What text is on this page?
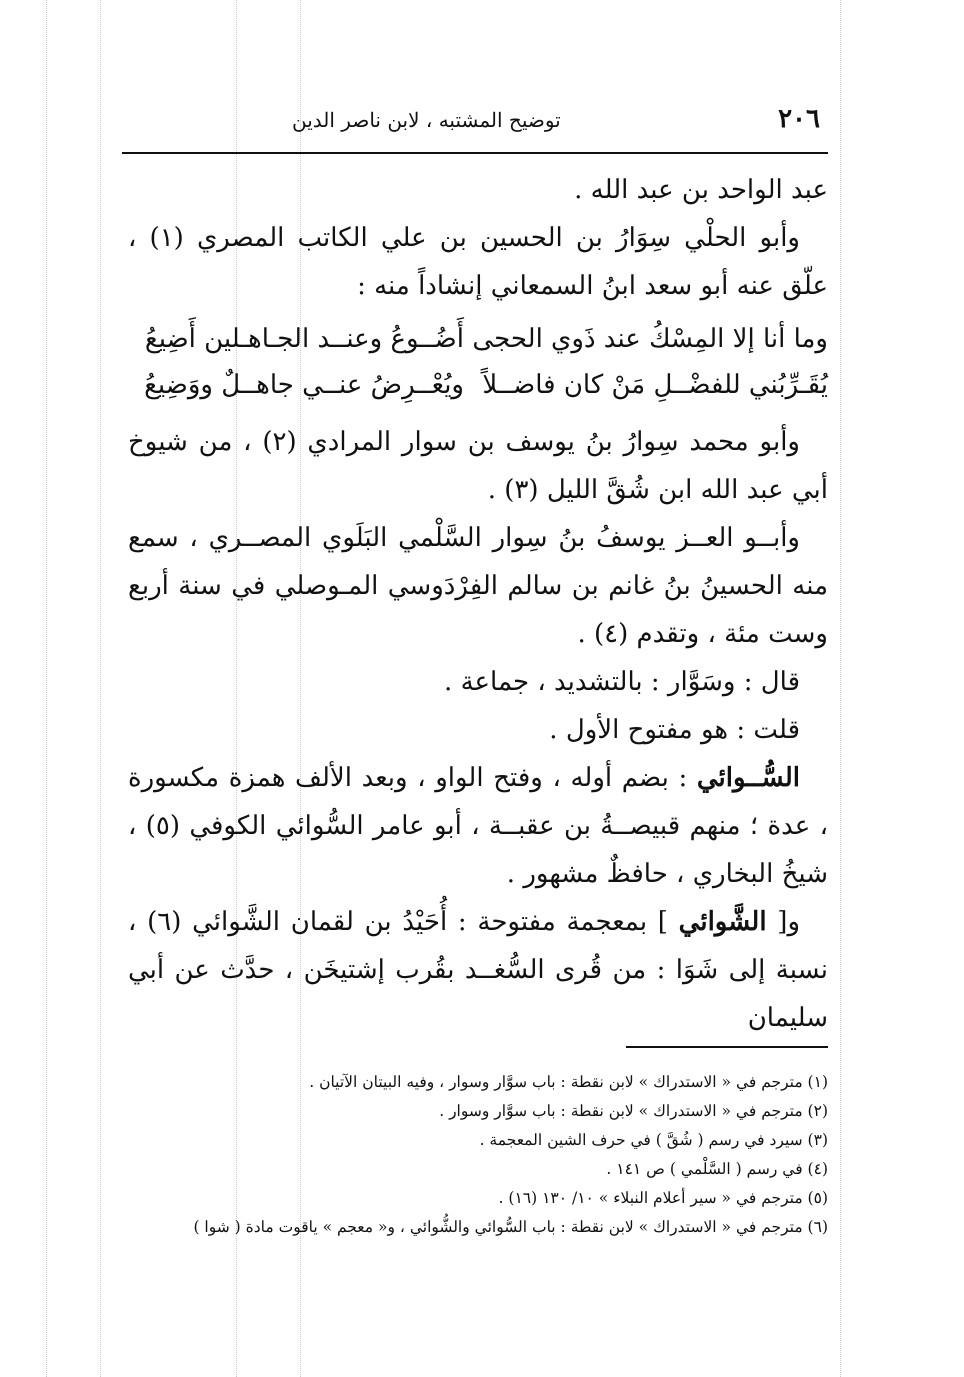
٢٠٦
توضيح المشتبه ، لابن ناصر الدين

عبد الواحد بن عبد الله .

وأبو الحلْي سِوَارُ بن الحسين بن علي الكاتب المصري (١) ، علّق عنه أبو سعد ابنُ السمعاني إنشاداً منه :

وما أنا إلا المِسْكُ عند ذَوي الحجى
أَضُــوعُ وعنــد الجـاهـلين أَضِيعُ
يُقَـرِّبُني للفضْــلِ مَنْ كان فاضــلاً
ويُعْــرِضُ عنــي جاهــلٌ ووَضِيعُ

وأبو محمد سِوارُ بنُ يوسف بن سوار المرادي (٢) ، من شيوخ أبي عبد الله ابن شُقَّ الليل (٣) .

وأبــو العــز يوسفُ بنُ سِوار السَّلْمي البَلَوي المصــري ، سمع منه الحسينُ بنُ غانم بن سالم الفِرْدَوسي المـوصلي في سنة أربع وست مئة ، وتقدم (٤) .

قال : وسَوَّار : بالتشديد ، جماعة .

قلت : هو مفتوح الأول .

السُّــوائي : بضم أوله ، وفتح الواو ، وبعد الألف همزة مكسورة ، عدة ؛ منهم قبيصــةُ بن عقبــة ، أبو عامر السُّوائي الكوفي (٥) ، شيخُ البخاري ، حافظٌ مشهور .

و[ الشَّوائي ] بمعجمة مفتوحة : أُحَيْدُ بن لقمان الشَّوائي (٦) ، نسبة إلى شَوَا : من قُرى السُّغــد بقُرب إشتيخَن ، حدَّث عن أبي سليمان

(١) مترجم في « الاستدراك » لابن نقطة : باب سوَّار وسوار ، وفيه البيتان الآتيان .

(٢) مترجم في « الاستدراك » لابن نقطة : باب سوَّار وسوار .

(٣) سيرد في رسم ( شُقَّ ) في حرف الشين المعجمة .

(٤) في رسم ( السَّلْمي ) ص ١٤١ .

(٥) مترجم في « سير أعلام النبلاء » ١٠/ ١٣٠ (١٦) .

(٦) مترجم في « الاستدراك » لابن نقطة : باب السُّوائي والشُّوائي ، و« معجم » ياقوت مادة ( شوا )
